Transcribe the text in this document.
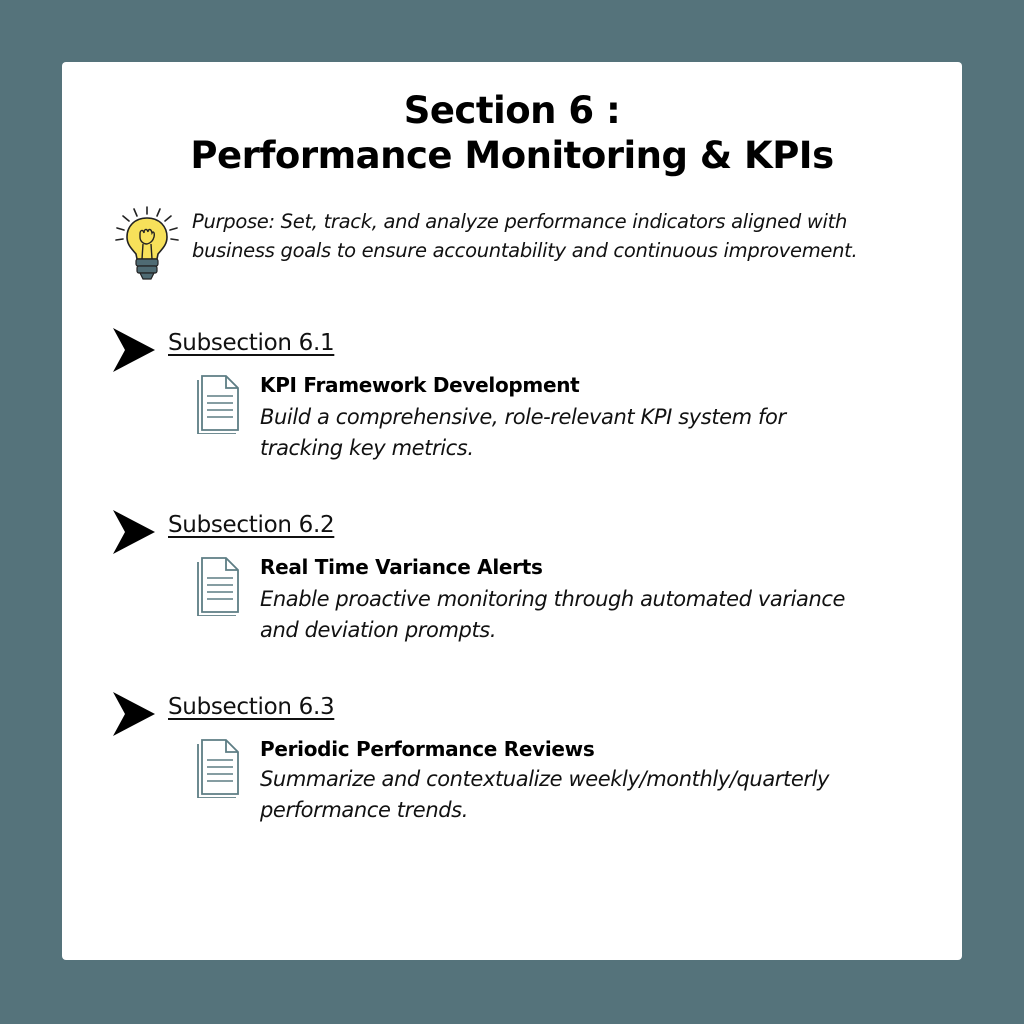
Section 6 :
Performance Monitoring & KPIs

Purpose: Set, track, and analyze performance indicators aligned with business goals to ensure accountability and continuous improvement.

Subsection 6.1

KPI Framework Development

Build a comprehensive, role-relevant KPI system for
tracking key metrics.

Subsection 6.2

Real Time Variance Alerts

Enable proactive monitoring through automated variance
and deviation prompts.

Subsection 6.3

Periodic Performance Reviews

Summarize and contextualize weekly/monthly/quarterly
performance trends.
